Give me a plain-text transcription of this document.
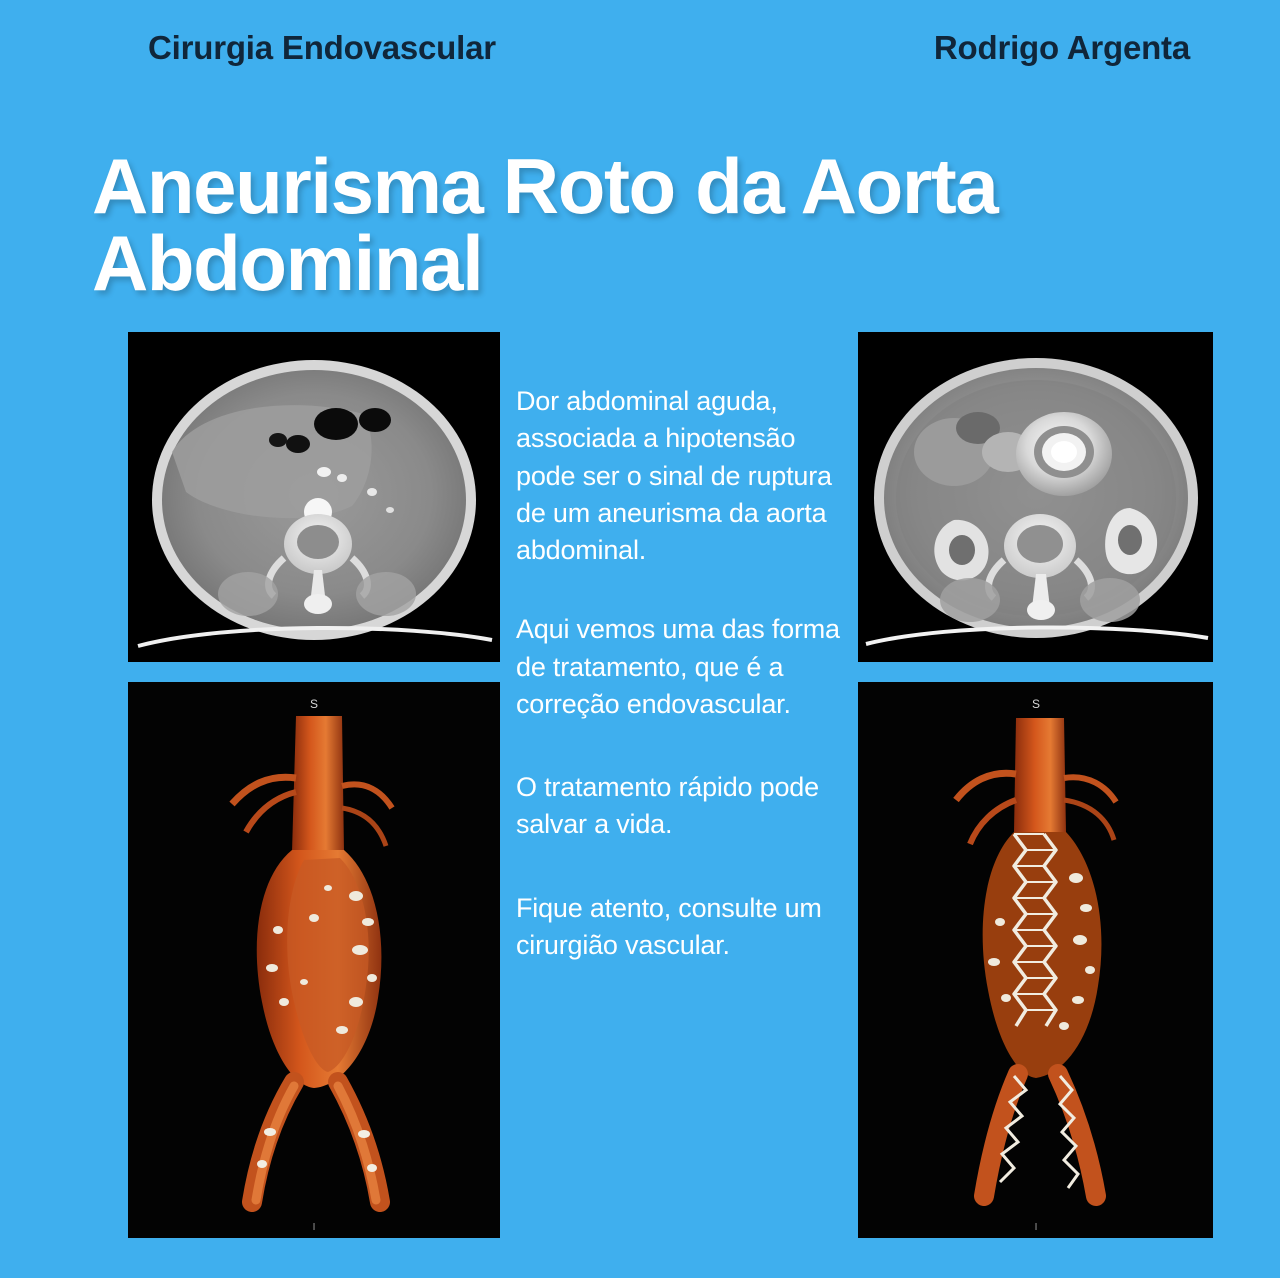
Cirurgia Endovascular	Rodrigo Argenta
Aneurisma Roto da Aorta Abdominal
S
I
S
I

Dor abdominal aguda, associada a hipotensão pode ser o sinal de ruptura de um aneurisma da aorta abdominal.

Aqui vemos uma das forma de tratamento, que é a correção endovascular.

O tratamento rápido pode salvar a vida.

Fique atento, consulte um cirurgião vascular.
